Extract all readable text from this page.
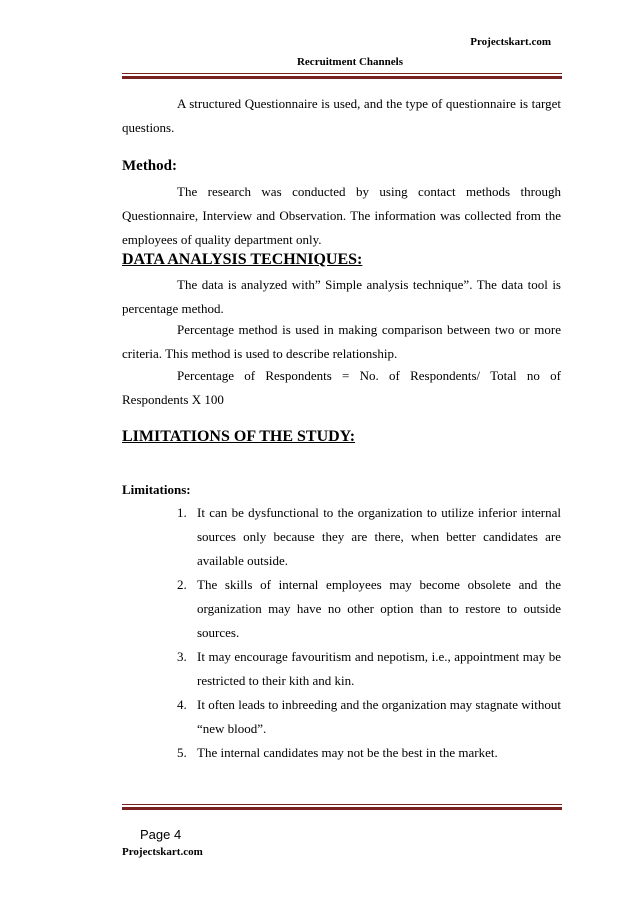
Projectskart.com
Recruitment Channels
A structured Questionnaire is used, and the type of questionnaire is target questions.
Method:
The research was conducted by using contact methods through Questionnaire, Interview and Observation. The information was collected from the employees of quality department only.
DATA ANALYSIS TECHNIQUES:
The data is analyzed with” Simple analysis technique”. The data tool is percentage method.
Percentage method is used in making comparison between two or more criteria. This method is used to describe relationship.
Percentage of Respondents = No. of Respondents/ Total no of Respondents X 100
LIMITATIONS OF THE STUDY:
Limitations:
1. It can be dysfunctional to the organization to utilize inferior internal sources only because they are there, when better candidates are available outside.
2. The skills of internal employees may become obsolete and the organization may have no other option than to restore to outside sources.
3. It may encourage favouritism and nepotism, i.e., appointment may be restricted to their kith and kin.
4. It often leads to inbreeding and the organization may stagnate without “new blood”.
5. The internal candidates may not be the best in the market.
Page 4
Projectskart.com
